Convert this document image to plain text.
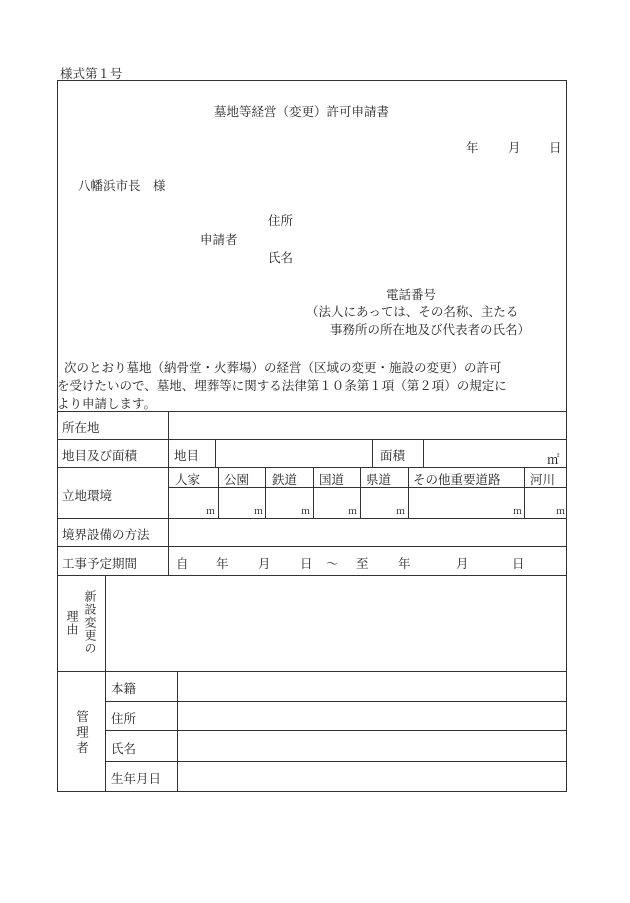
様式第１号
墓地等経営（変更）許可申請書
年 月 日
八幡浜市長　様
住所
申請者
氏名
電話番号
（法人にあっては、その名称、主たる
事務所の所在地及び代表者の氏名）
次のとおり墓地（納骨堂・火葬場）の経営（区域の変更・施設の変更）の許可
を受けたいので、墓地、埋葬等に関する法律第１０条第１項（第２項）の規定に
より申請します。
所在地
地目及び面積	地目	面積	㎡
立地環境
人家 公園 鉄道 国道 県道 その他重要道路 河川
ｍ	ｍ	ｍ	ｍ	ｍ	ｍ	ｍ
境界設備の方法
工事予定期間	自 年 月 日 ～ 至 年	月	日
新設変更の
理由
管理者
本籍
住所
氏名
生年月日
